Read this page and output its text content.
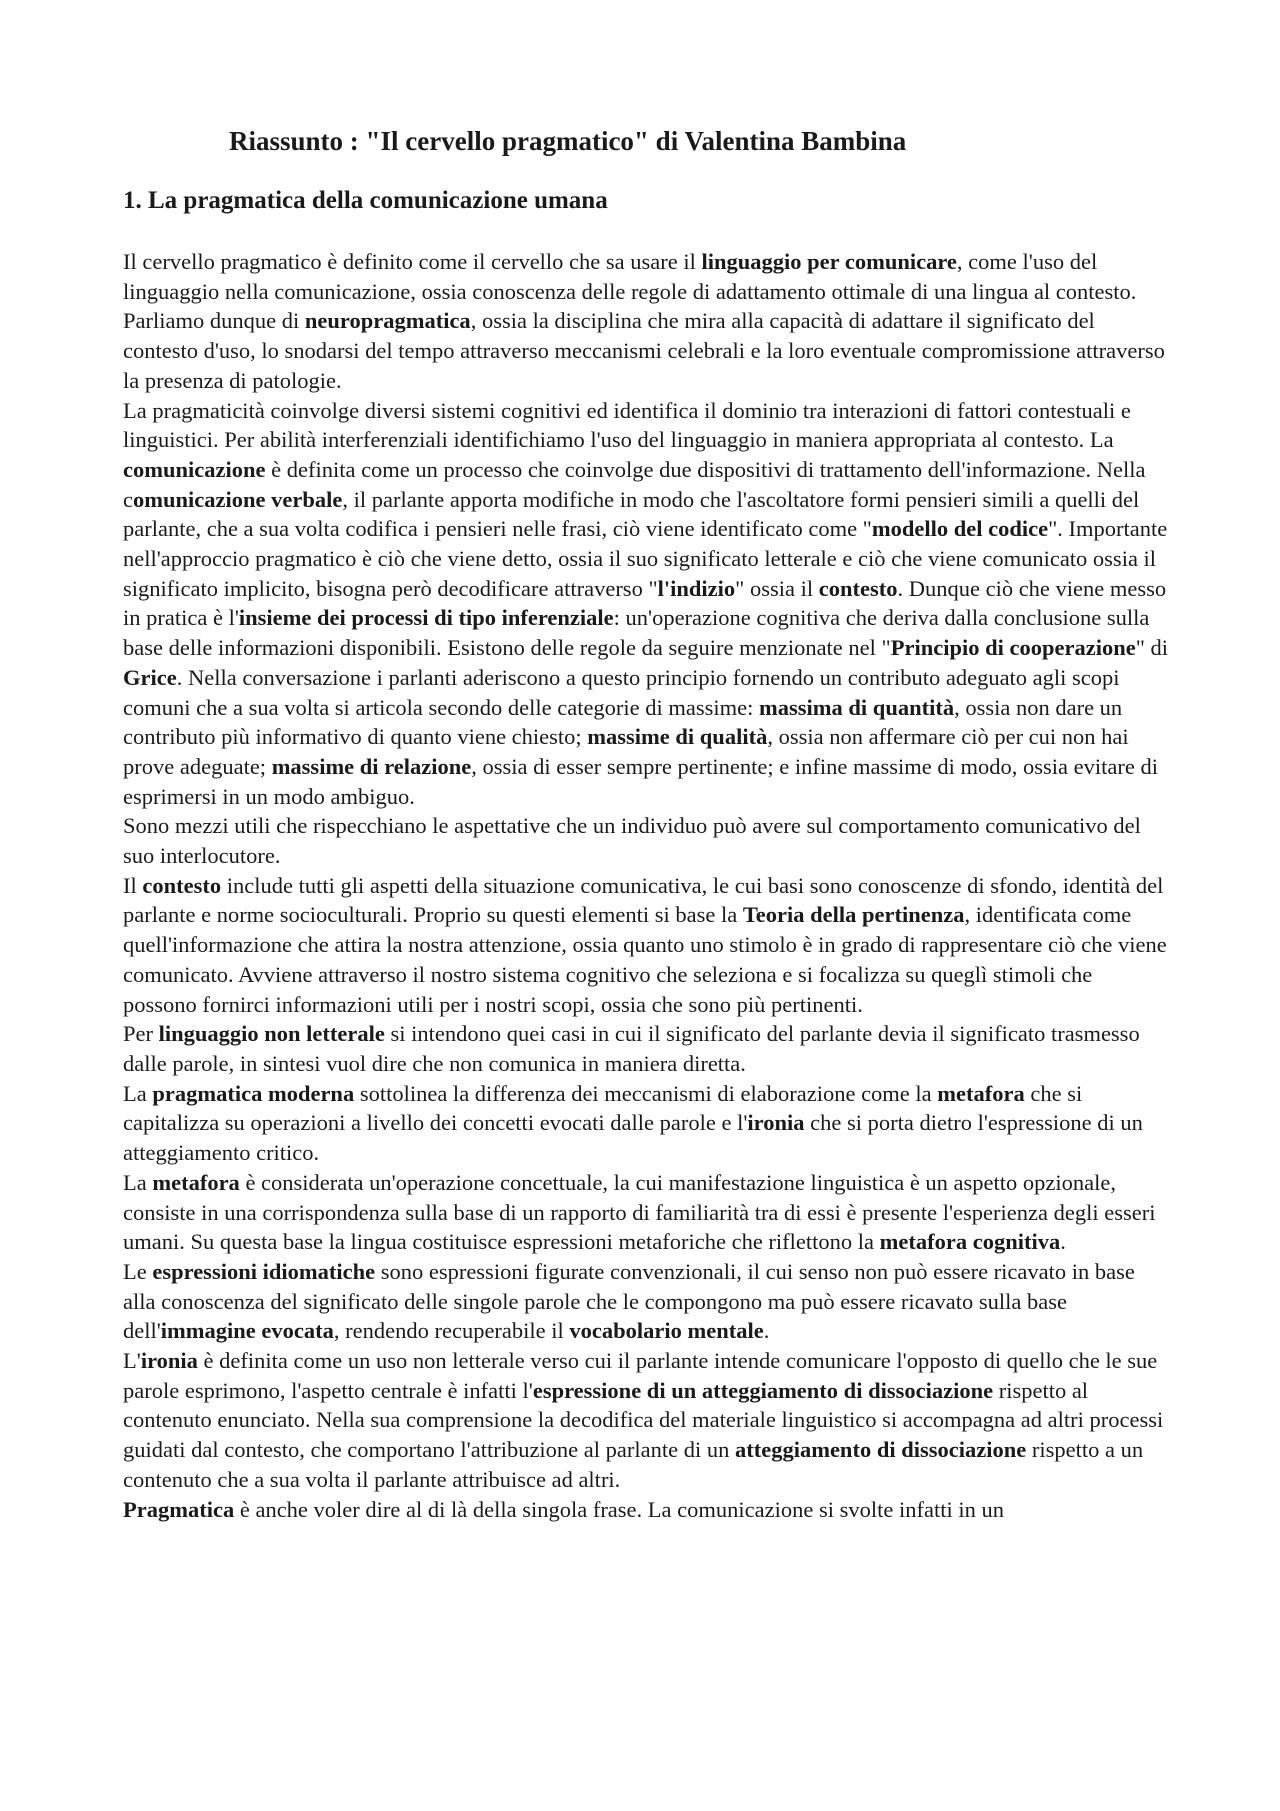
Riassunto : "Il cervello pragmatico" di Valentina Bambina
1. La pragmatica della comunicazione umana

Il cervello pragmatico è definito come il cervello che sa usare il linguaggio per comunicare, come l'uso del linguaggio nella comunicazione, ossia conoscenza delle regole di adattamento ottimale di una lingua al contesto. Parliamo dunque di neuropragmatica, ossia la disciplina che mira alla capacità di adattare il significato del contesto d'uso, lo snodarsi del tempo attraverso meccanismi celebrali e la loro eventuale compromissione attraverso la presenza di patologie.

La pragmaticità coinvolge diversi sistemi cognitivi ed identifica il dominio tra interazioni di fattori contestuali e linguistici. Per abilità interferenziali identifichiamo l'uso del linguaggio in maniera appropriata al contesto. La comunicazione è definita come un processo che coinvolge due dispositivi di trattamento dell'informazione. Nella comunicazione verbale, il parlante apporta modifiche in modo che l'ascoltatore formi pensieri simili a quelli del parlante, che a sua volta codifica i pensieri nelle frasi, ciò viene identificato come "modello del codice". Importante nell'approccio pragmatico è ciò che viene detto, ossia il suo significato letterale e ciò che viene comunicato ossia il significato implicito, bisogna però decodificare attraverso "l'indizio" ossia il contesto. Dunque ciò che viene messo in pratica è l'insieme dei processi di tipo inferenziale: un'operazione cognitiva che deriva dalla conclusione sulla base delle informazioni disponibili. Esistono delle regole da seguire menzionate nel "Principio di cooperazione" di Grice. Nella conversazione i parlanti aderiscono a questo principio fornendo un contributo adeguato agli scopi comuni che a sua volta si articola secondo delle categorie di massime: massima di quantità, ossia non dare un contributo più informativo di quanto viene chiesto; massime di qualità, ossia non affermare ciò per cui non hai prove adeguate; massime di relazione, ossia di esser sempre pertinente; e infine massime di modo, ossia evitare di esprimersi in un modo ambiguo.

Sono mezzi utili che rispecchiano le aspettative che un individuo può avere sul comportamento comunicativo del suo interlocutore.

Il contesto include tutti gli aspetti della situazione comunicativa, le cui basi sono conoscenze di sfondo, identità del parlante e norme socioculturali. Proprio su questi elementi si base la Teoria della pertinenza, identificata come quell'informazione che attira la nostra attenzione, ossia quanto uno stimolo è in grado di rappresentare ciò che viene comunicato. Avviene attraverso il nostro sistema cognitivo che seleziona e si focalizza su queglì stimoli che possono fornirci informazioni utili per i nostri scopi, ossia che sono più pertinenti.

Per linguaggio non letterale si intendono quei casi in cui il significato del parlante devia il significato trasmesso dalle parole, in sintesi vuol dire che non comunica in maniera diretta.

La pragmatica moderna sottolinea la differenza dei meccanismi di elaborazione come la metafora che si capitalizza su operazioni a livello dei concetti evocati dalle parole e l'ironia che si porta dietro l'espressione di un atteggiamento critico.

La metafora è considerata un'operazione concettuale, la cui manifestazione linguistica è un aspetto opzionale, consiste in una corrispondenza sulla base di un rapporto di familiarità tra di essi è presente l'esperienza degli esseri umani. Su questa base la lingua costituisce espressioni metaforiche che riflettono la metafora cognitiva.

Le espressioni idiomatiche sono espressioni figurate convenzionali, il cui senso non può essere ricavato in base alla conoscenza del significato delle singole parole che le compongono ma può essere ricavato sulla base dell'immagine evocata, rendendo recuperabile il vocabolario mentale.

L'ironia è definita come un uso non letterale verso cui il parlante intende comunicare l'opposto di quello che le sue parole esprimono, l'aspetto centrale è infatti l'espressione di un atteggiamento di dissociazione rispetto al contenuto enunciato. Nella sua comprensione la decodifica del materiale linguistico si accompagna ad altri processi guidati dal contesto, che comportano l'attribuzione al parlante di un atteggiamento di dissociazione rispetto a un contenuto che a sua volta il parlante attribuisce ad altri.

Pragmatica è anche voler dire al di là della singola frase. La comunicazione si svolte infatti in un
